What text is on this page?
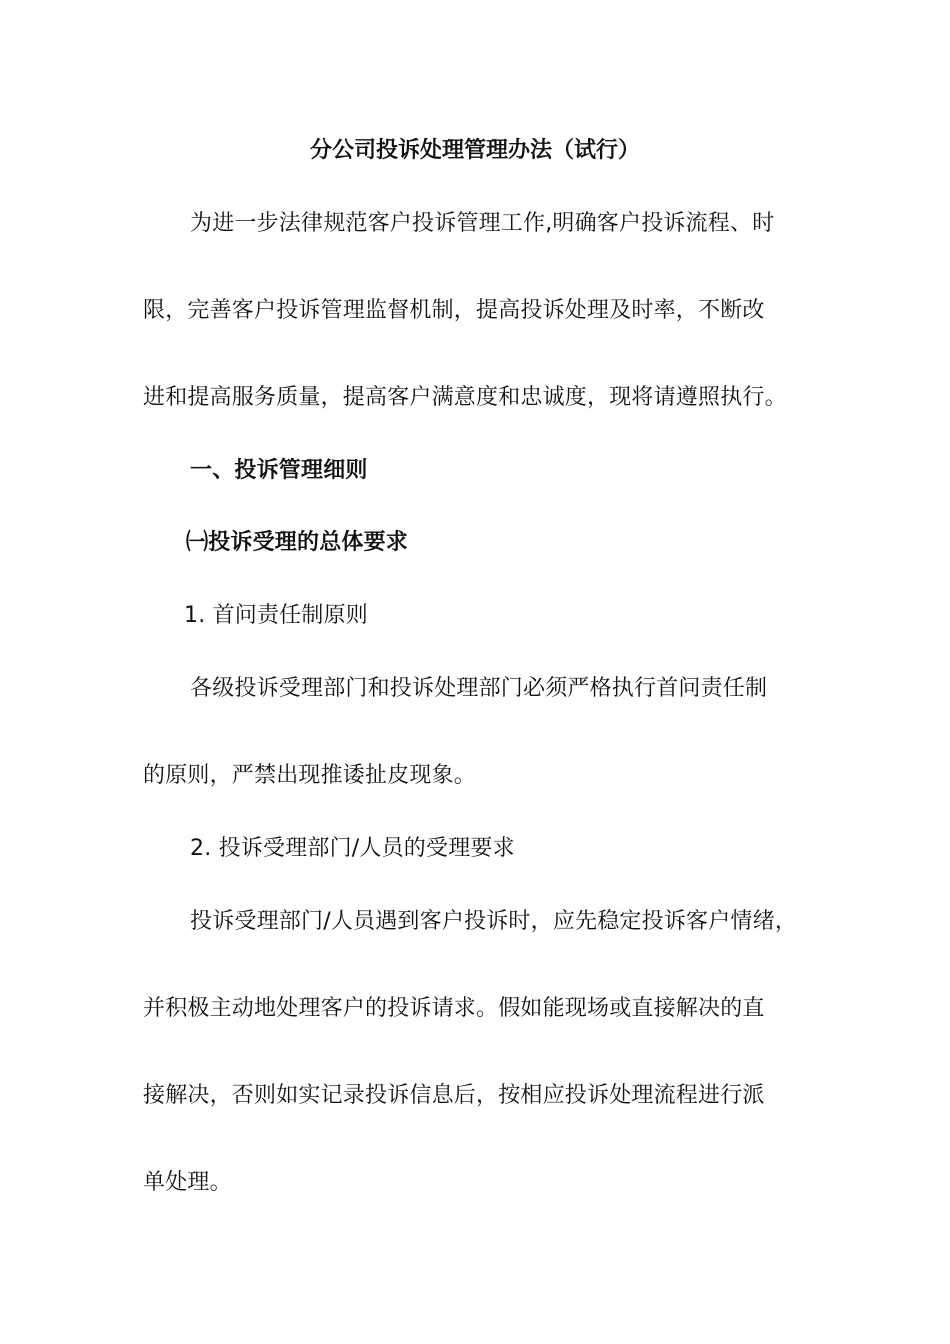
分公司投诉处理管理办法（试行）
为进一步法律规范客户投诉管理工作,明确客户投诉流程、时
限，完善客户投诉管理监督机制，提高投诉处理及时率，不断改
进和提高服务质量，提高客户满意度和忠诚度，现将请遵照执行。
一、投诉管理细则
㈠投诉受理的总体要求
1. 首问责任制原则
各级投诉受理部门和投诉处理部门必须严格执行首问责任制
的原则，严禁出现推诿扯皮现象。
2. 投诉受理部门/人员的受理要求
投诉受理部门/人员遇到客户投诉时，应先稳定投诉客户情绪，
并积极主动地处理客户的投诉请求。假如能现场或直接解决的直
接解决，否则如实记录投诉信息后，按相应投诉处理流程进行派
单处理。
